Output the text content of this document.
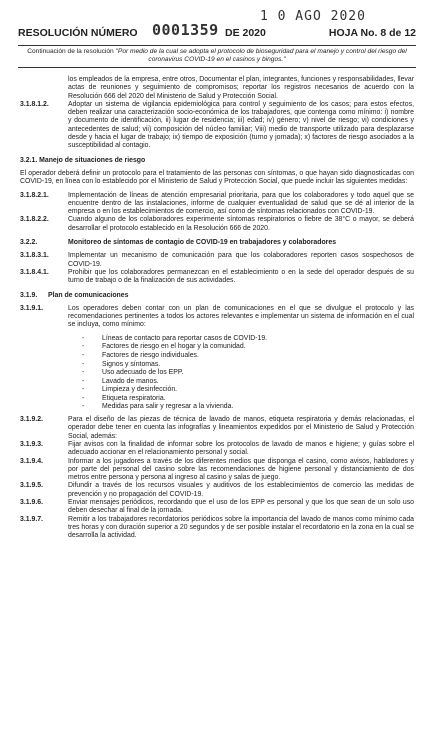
1 0 AGO 2020
RESOLUCIÓN NÚMERO 0001359 DE 2020	HOJA No. 8 de 12
Continuación de la resolución "Por medio de la cual se adopta el protocolo de bioseguridad para el manejo y control del riesgo del coronavirus COVID-19 en el casinos y bingos."

los empleados de la empresa, entre otros, Documentar el plan, integrantes, funciones y responsabilidades, llevar actas de reuniones y seguimiento de compromisos; reportar los registros necesarios de acuerdo con la Resolución 666 del 2020 del Ministerio de Salud y Protección Social.

3.1.8.1.2.	Adoptar un sistema de vigilancia epidemiológica para control y seguimiento de los casos; para estos efectos, deben realizar una caracterización socio-económica de los trabajadores, que contenga como mínimo: i) nombre y documento de identificación, ii) lugar de residencia; iii) edad; iv) género; v) nivel de riesgo; vi) condiciones y antecedentes de salud; vii) composición del núcleo familiar; Viii) medio de transporte utilizado para desplazarse desde y hacia el lugar de trabajo; ix) tiempo de exposición (turno y jornada); x) factores de riesgo asociados a la susceptibilidad al contagio.
3.2.1. Manejo de situaciones de riesgo

El operador deberá definir un protocolo para el tratamiento de las personas con síntomas, o que hayan sido diagnosticadas con COVID-19, en línea con lo establecido por el Ministerio de Salud y Protección Social, que puede incluir las siguientes medidas:

3.1.8.2.1.	Implementación de líneas de atención empresarial prioritaria, para que los colaboradores y todo aquel que se encuentre dentro de las instalaciones, informe de cualquier eventualidad de salud que se dé al interior de la empresa o en los establecimientos de comercio, así como de síntomas relacionados con COVID-19.
3.1.8.2.2.	Cuando alguno de los colaboradores experimente síntomas respiratorios o fiebre de 38°C o mayor, se deberá desarrollar el protocolo establecido en la Resolución 666 de 2020.
3.2.2.	Monitoreo de síntomas de contagio de COVID-19 en trabajadores y colaboradores
3.1.8.3.1.	Implementar un mecanismo de comunicación para que los colaboradores reporten casos sospechosos de COVID-19.
3.1.8.4.1.	Prohibir que los colaboradores permanezcan en el establecimiento o en la sede del operador después de su turno de trabajo o de la finalización de sus actividades.
3.1.9. Plan de comunicaciones
3.1.9.1.	Los operadores deben contar con un plan de comunicaciones en el que se divulgue el protocolo y las recomendaciones pertinentes a todos los actores relevantes e implementar un sistema de información en el cual se incluya, como mínimo:
- Líneas de contacto para reportar casos de COVID-19.
- Factores de riesgo en el hogar y la comunidad.
- Factores de riesgo individuales.
- Signos y síntomas.
- Uso adecuado de los EPP.
- Lavado de manos.
- Limpieza y desinfección.
- Etiqueta respiratoria.
- Medidas para salir y regresar a la vivienda.
3.1.9.2.	Para el diseño de las piezas de técnica de lavado de manos, etiqueta respiratoria y demás relacionadas, el operador debe tener en cuenta las infografías y lineamientos expedidos por el Ministerio de Salud y Protección Social, además:
3.1.9.3.	Fijar avisos con la finalidad de informar sobre los protocolos de lavado de manos e higiene; y guías sobre el adecuado accionar en el relacionamiento personal y social.
3.1.9.4.	Informar a los jugadores a través de los diferentes medios que disponga el casino, como avisos, habladores y por parte del personal del casino sobre las recomendaciones de higiene personal y distanciamiento de dos metros entre persona y persona al ingreso al casino y salas de juego.
3.1.9.5.	Difundir a través de los recursos visuales y auditivos de los establecimientos de comercio las medidas de prevención y no propagación del COVID-19.
3.1.9.6.	Enviar mensajes periódicos, recordando que el uso de los EPP es personal y que los que sean de un solo uso deben desechar al final de la jornada.
3.1.9.7.	Remitir a los trabajadores recordatorios periódicos sobre la importancia del lavado de manos como mínimo cada tres horas y con duración superior a 20 segundos y de ser posible instalar el recordatorio en la zona en la cual se desarrolla la actividad.
